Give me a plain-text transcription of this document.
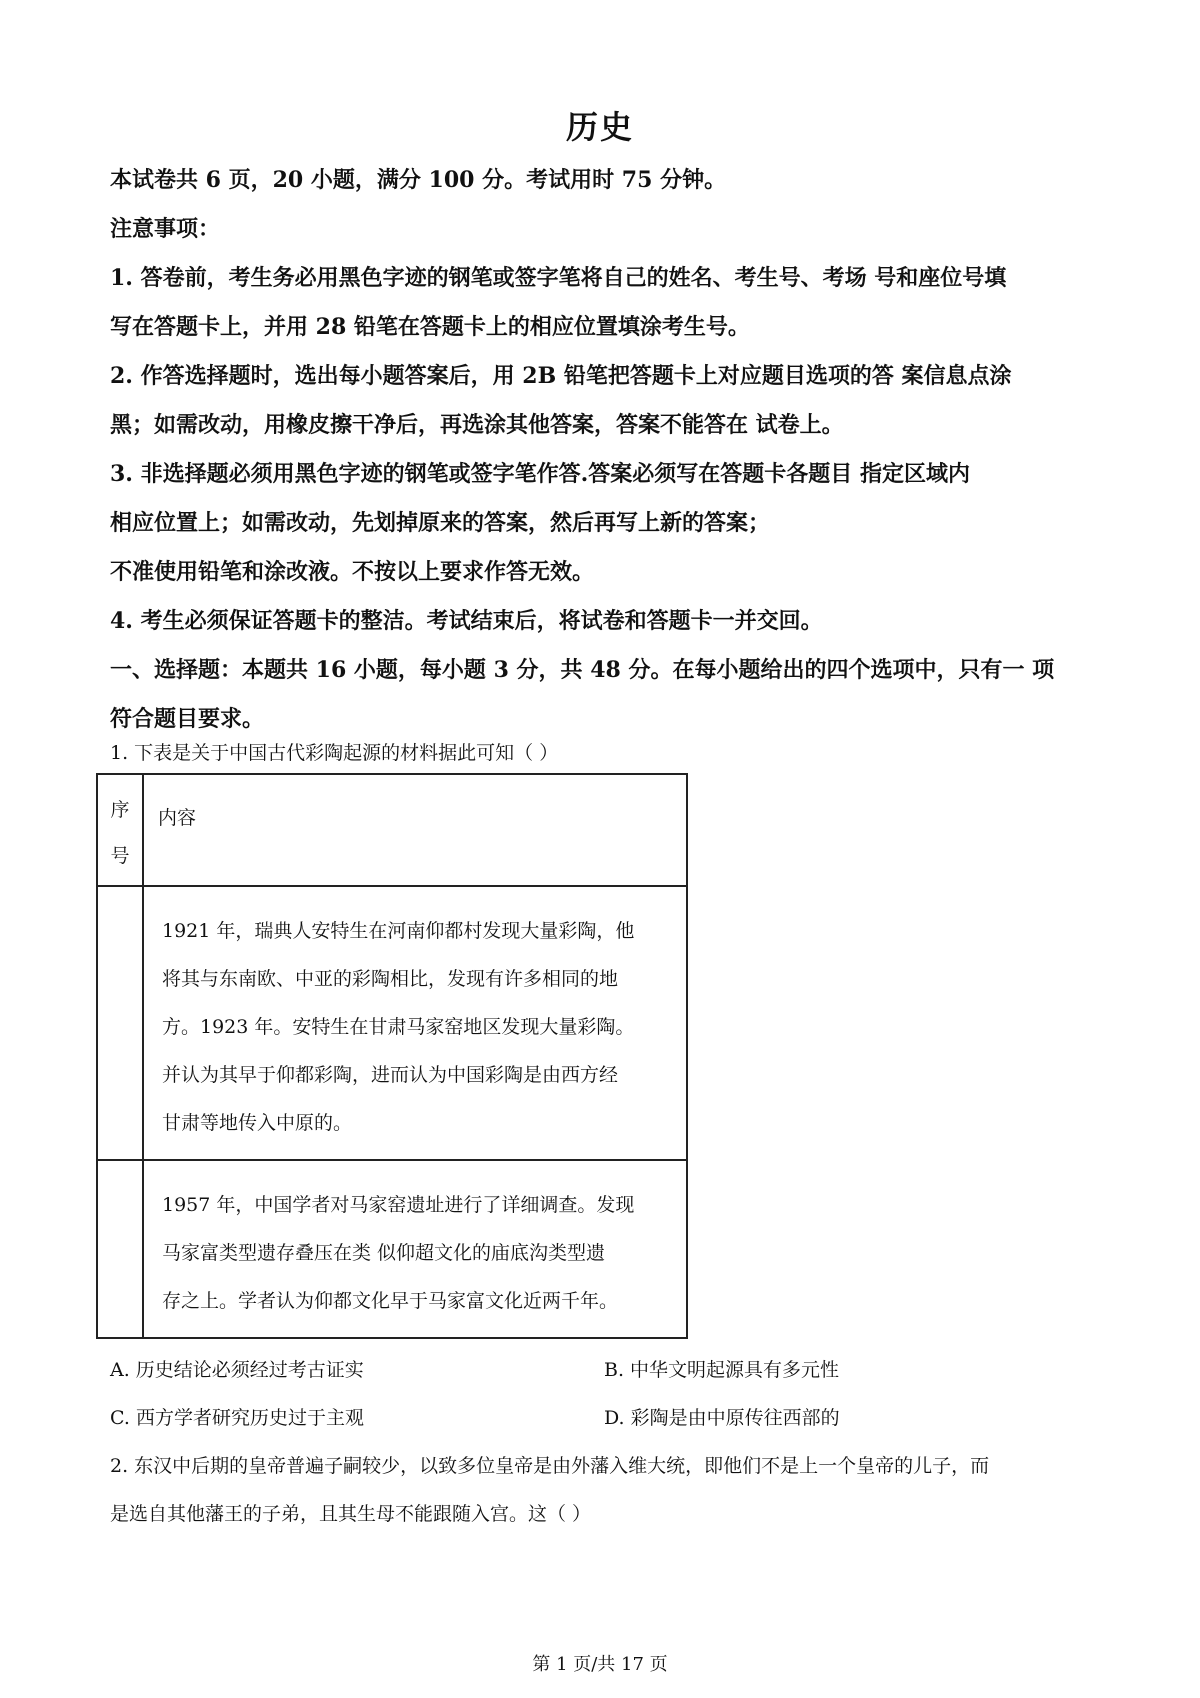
历史
本试卷共 6 页，20 小题，满分 100 分。考试用时 75 分钟。
注意事项：
1. 答卷前，考生务必用黑色字迹的钢笔或签字笔将自己的姓名、考生号、考场 号和座位号填
写在答题卡上，并用 28 铅笔在答题卡上的相应位置填涂考生号。
2. 作答选择题时，选出每小题答案后，用 2B 铅笔把答题卡上对应题目选项的答 案信息点涂
黑；如需改动，用橡皮擦干净后，再选涂其他答案，答案不能答在 试卷上。
3. 非选择题必须用黑色字迹的钢笔或签字笔作答.答案必须写在答题卡各题目 指定区域内
相应位置上；如需改动，先划掉原来的答案，然后再写上新的答案；
不准使用铅笔和涂改液。不按以上要求作答无效。
4. 考生必须保证答题卡的整洁。考试结束后，将试卷和答题卡一并交回。
一、选择题：本题共 16 小题，每小题 3 分，共 48 分。在每小题给出的四个选项中，只有一 项
符合题目要求。
1. 下表是关于中国古代彩陶起源的材料据此可知（ ）
序
号	内容

	1921 年，瑞典人安特生在河南仰都村发现大量彩陶，他
将其与东南欧、中亚的彩陶相比，发现有许多相同的地
方。1923 年。安特生在甘肃马家窑地区发现大量彩陶。
并认为其早于仰都彩陶，进而认为中国彩陶是由西方经
甘肃等地传入中原的。

	1957 年，中国学者对马家窑遗址进行了详细调查。发现
马家富类型遗存叠压在类 似仰超文化的庙底沟类型遗
存之上。学者认为仰都文化早于马家富文化近两千年。
A. 历史结论必须经过考古证实	B. 中华文明起源具有多元性
C. 西方学者研究历史过于主观	D. 彩陶是由中原传往西部的
2. 东汉中后期的皇帝普遍子嗣较少，以致多位皇帝是由外藩入维大统，即他们不是上一个皇帝的儿子，而
是选自其他藩王的子弟，且其生母不能跟随入宫。这（ ）
第 1 页/共 17 页
